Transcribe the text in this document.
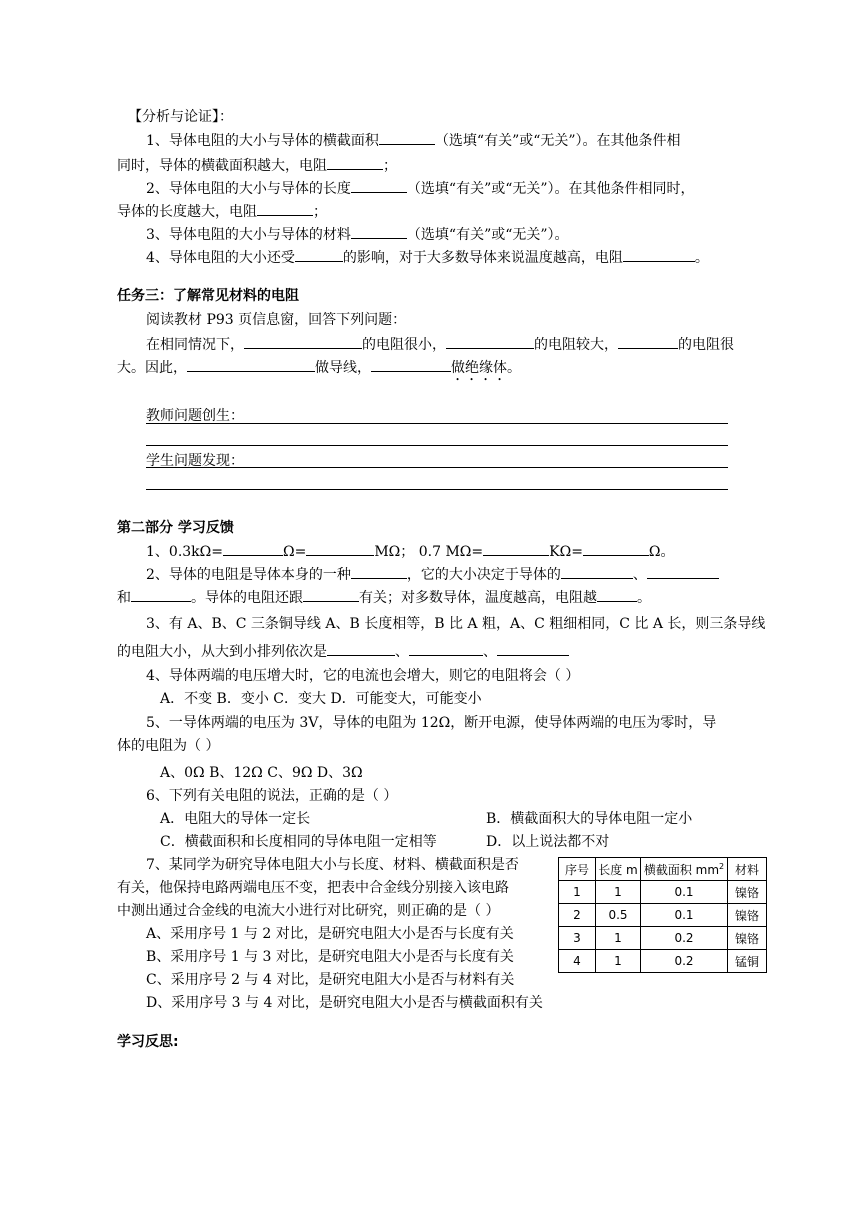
【分析与论证】：
1、导体电阻的大小与导体的横截面积	（选填“有关”或“无关”）。在其他条件相
同时，导体的横截面积越大，电阻	；
2、导体电阻的大小与导体的长度	（选填“有关”或“无关”）。在其他条件相同时，
导体的长度越大，电阻	；
3、导体电阻的大小与导体的材料	（选填“有关”或“无关”）。
4、导体电阻的大小还受	的影响，对于大多数导体来说温度越高，电阻	。
任务三：了解常见材料的电阻
阅读教材 P93 页信息窗，回答下列问题：
在相同情况下，	的电阻很小，	的电阻较大，	的电阻很
大。因此，	做导线，	做绝缘体。
教师问题创生：
学生问题发现：
第二部分 学习反馈
1、0.3kΩ=	Ω=	MΩ； 0.7 MΩ=	KΩ=	Ω。
2、导体的电阻是导体本身的一种	，它的大小决定于导体的	、
和	。导体的电阻还跟	有关；对多数导体，温度越高，电阻越	。
3、有 A、B、C 三条铜导线 A、B 长度相等，B 比 A 粗，A、C 粗细相同，C 比 A 长，则三条导线
的电阻大小，从大到小排列依次是	、	、
4、导体两端的电压增大时，它的电流也会增大，则它的电阻将会（ ）
A．不变 B．变小 C．变大 D．可能变大，可能变小
5、一导体两端的电压为 3V，导体的电阻为 12Ω，断开电源，使导体两端的电压为零时，导
体的电阻为（ ）
A、0Ω B、12Ω C、9Ω D、3Ω
6、下列有关电阻的说法，正确的是（ ）
A．电阻大的导体一定长	B．横截面积大的导体电阻一定小
C．横截面积和长度相同的导体电阻一定相等	D．以上说法都不对
7、某同学为研究导体电阻大小与长度、材料、横截面积是否
有关，他保持电路两端电压不变，把表中合金线分别接入该电路
中测出通过合金线的电流大小进行对比研究，则正确的是（ ）
A、采用序号 1 与 2 对比，是研究电阻大小是否与长度有关
B、采用序号 1 与 3 对比，是研究电阻大小是否与长度有关
C、采用序号 2 与 4 对比，是研究电阻大小是否与材料有关
D、采用序号 3 与 4 对比，是研究电阻大小是否与横截面积有关
序号	长度 m	横截面积 $mm^2$	材料
1	1	0.1	镍铬
2	0.5	0.1	镍铬
3	1	0.2	镍铬
4	1	0.2	锰铜
学习反思:
